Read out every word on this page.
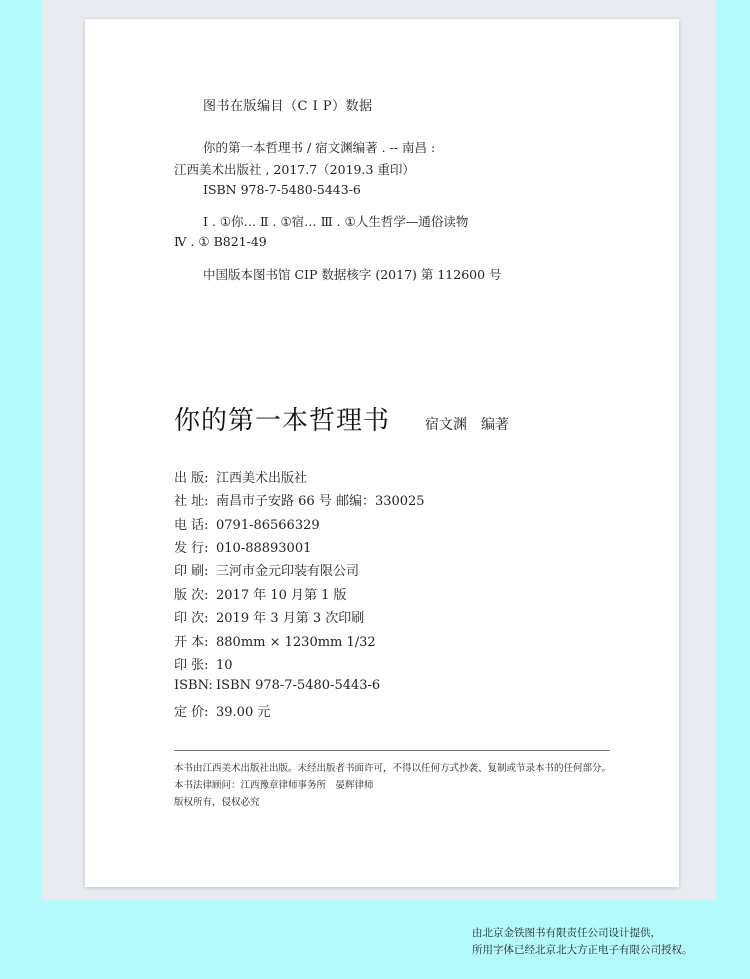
图书在版编目（C I P）数据
你的第一本哲理书 / 宿文渊编著 . -- 南昌 :
江西美术出版社 , 2017.7（2019.3 重印）
ISBN 978-7-5480-5443-6
Ⅰ . ①你… Ⅱ . ①宿… Ⅲ . ①人生哲学—通俗读物
Ⅳ . ① B821-49
中国版本图书馆 CIP 数据核字 (2017) 第 112600 号
你的第一本哲理书 宿文渊　编著
出 版: 江西美术出版社
社 址: 南昌市子安路 66 号 邮编：330025
电 话: 0791-86566329
发 行: 010-88893001
印 刷: 三河市金元印装有限公司
版 次: 2017 年 10 月第 1 版
印 次: 2019 年 3 月第 3 次印刷
开 本: 880mm × 1230mm 1/32
印 张: 10
ISBN: ISBN 978-7-5480-5443-6
定 价: 39.00 元
本书由江西美术出版社出版。未经出版者书面许可，不得以任何方式抄袭、复制或节录本书的任何部分。
本书法律顾问：江西豫章律师事务所　晏辉律师
版权所有，侵权必究
由北京金铁图书有限责任公司设计提供，
所用字体已经北京北大方正电子有限公司授权。
